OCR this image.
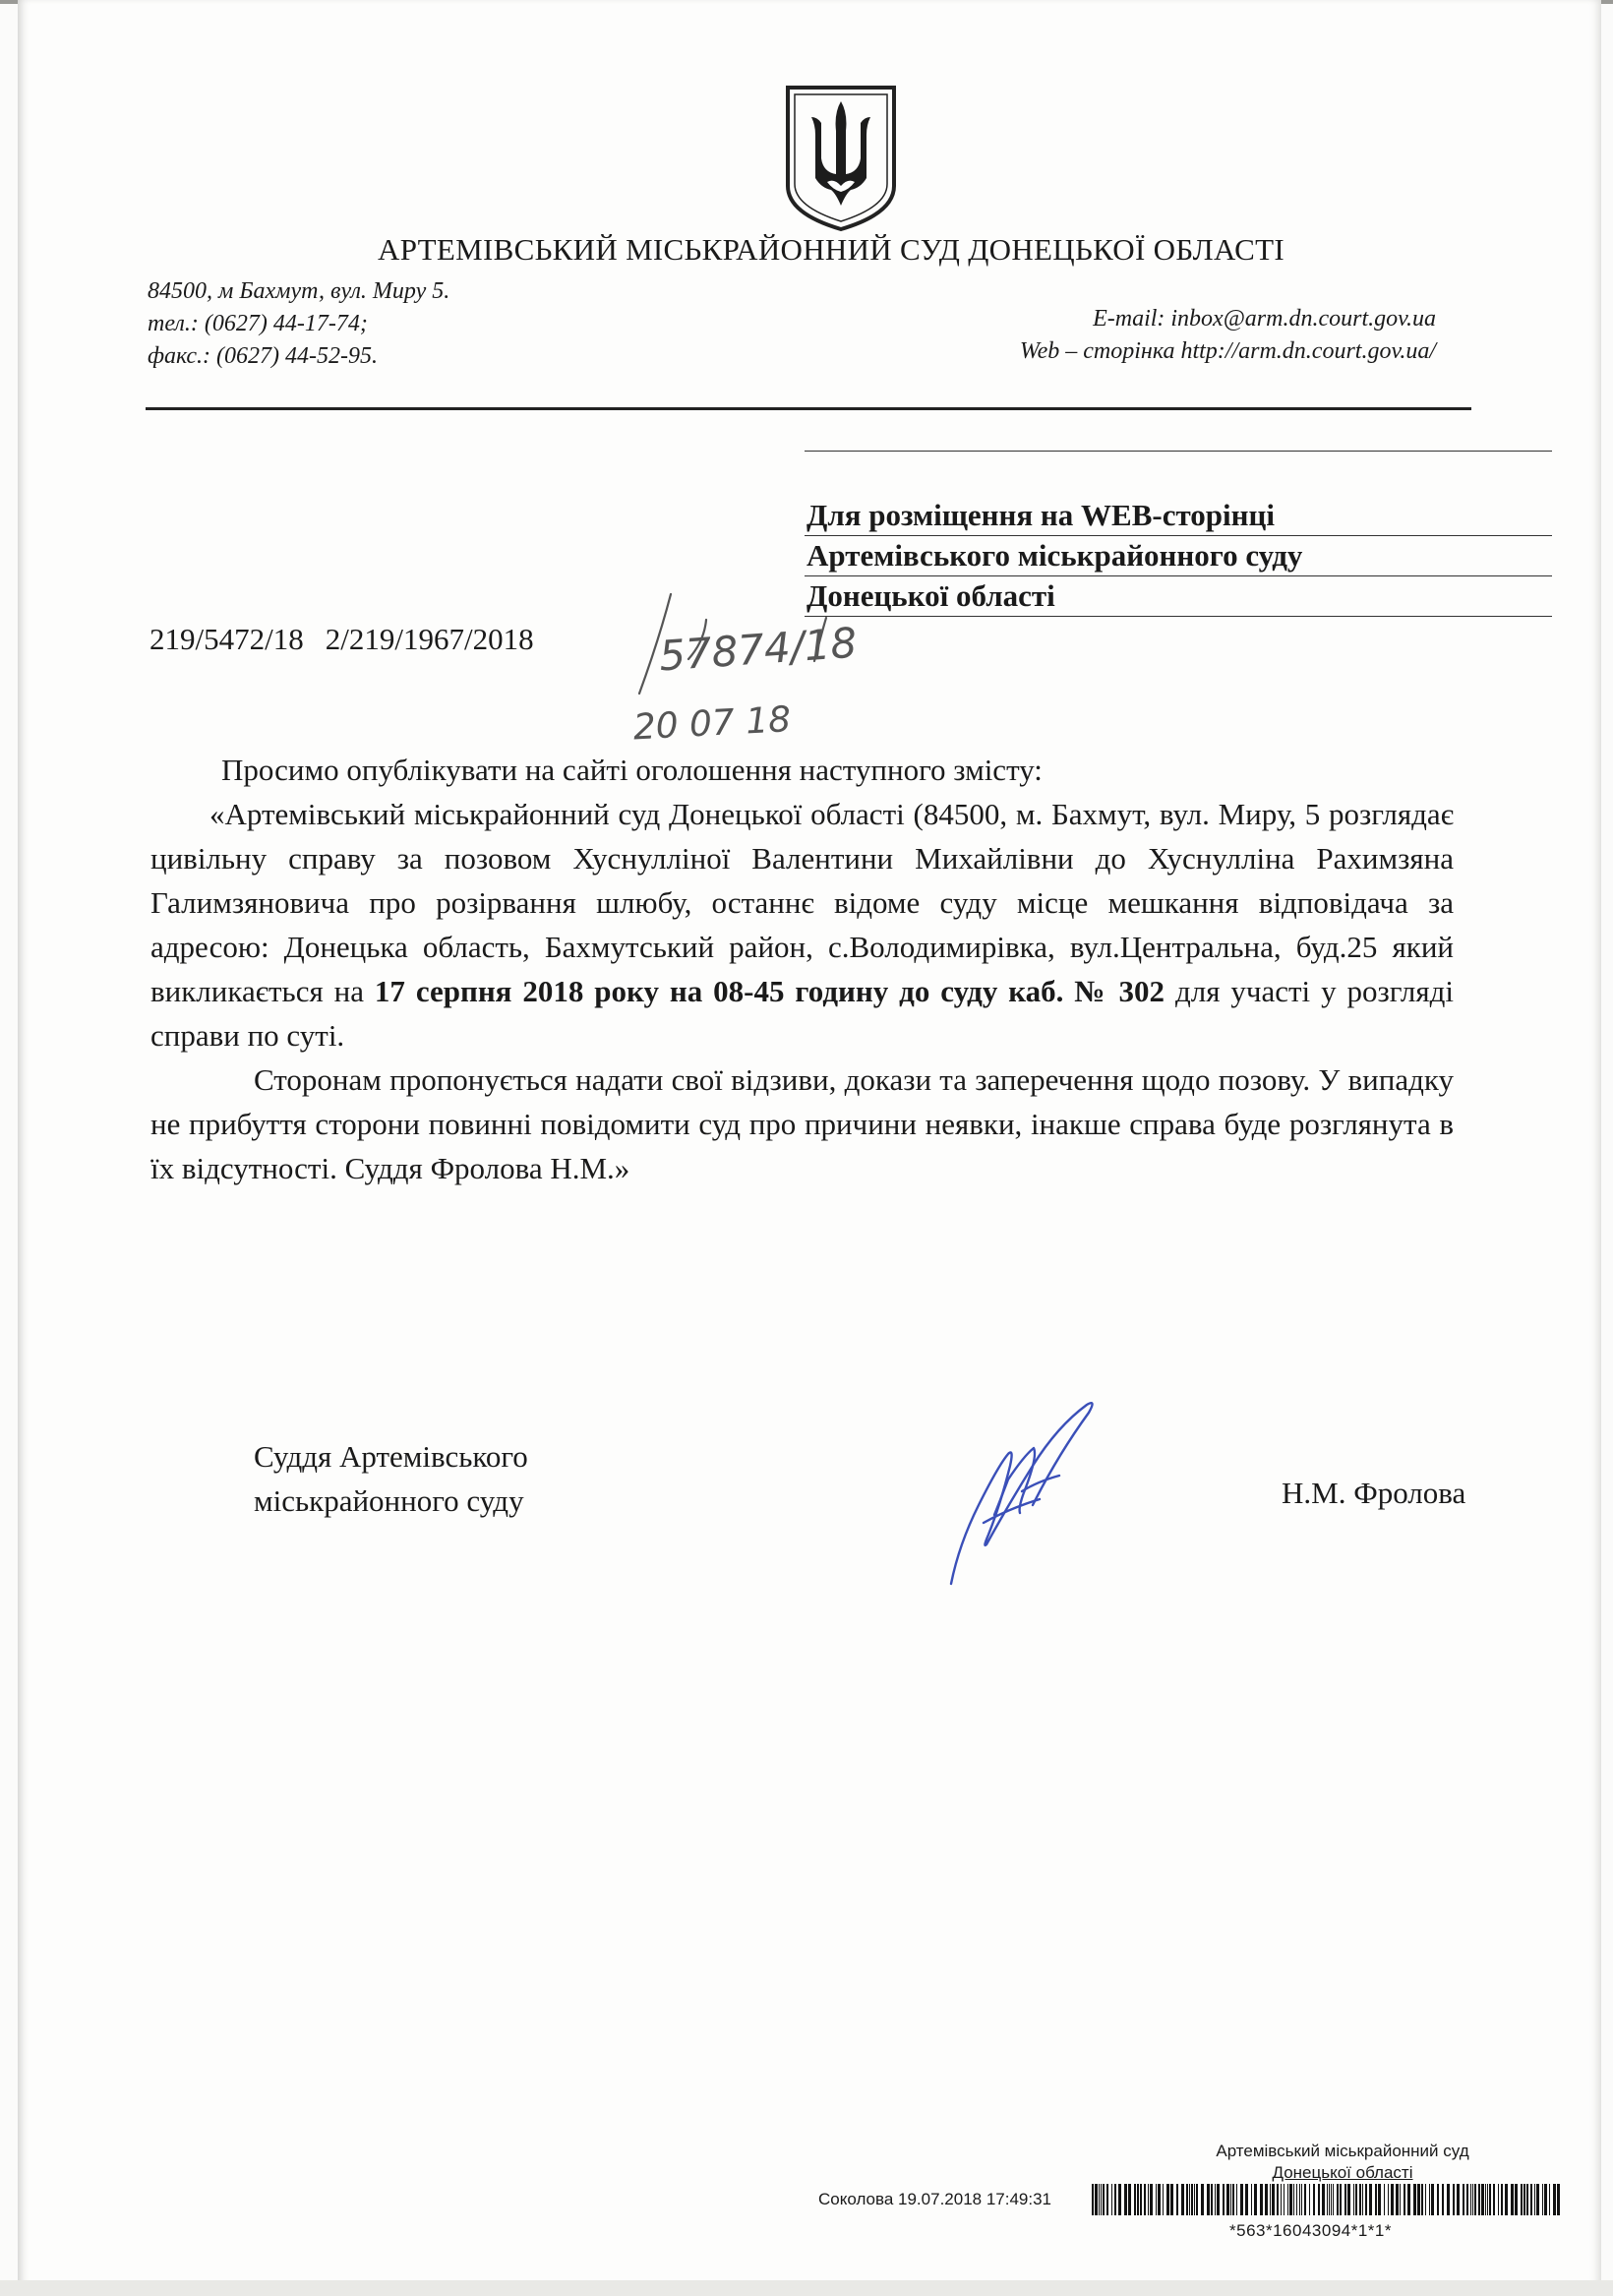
АРТЕМІВСЬКИЙ МІСЬКРАЙОННИЙ СУД ДОНЕЦЬКОЇ ОБЛАСТІ
84500, м Бахмут, вул. Миру 5.
тел.: (0627) 44-17-74;
факс.: (0627) 44-52-95.
E-mail: inbox@arm.dn.court.gov.ua
Web – сторінка http://arm.dn.court.gov.ua/
Для розміщення на WEB-сторінці
Артемівського міськрайонного суду
Донецької області
219/5472/18 2/219/1967/2018	57874/18
20 07 18

Просимо опублікувати на сайті оголошення наступного змісту:

«Артемівський міськрайонний суд Донецької області (84500, м. Бахмут, вул. Миру, 5 розглядає цивільну справу за позовом Хуснулліної Валентини Михайлівни до Хуснулліна Рахимзяна Галимзяновича про розірвання шлюбу, останнє відоме суду місце мешкання відповідача за адресою: Донецька область, Бахмутський район, с.Володимирівка, вул.Центральна, буд.25 який викликається на 17 серпня 2018 року на 08-45 годину до суду каб. № 302 для участі у розгляді справи по суті.

Сторонам пропонується надати свої відзиви, докази та заперечення щодо позову. У випадку не прибуття сторони повинні повідомити суд про причини неявки, інакше справа буде розглянута в їх відсутності. Суддя Фролова Н.М.»

Суддя Артемівського
міськрайонного суду	Н.М. Фролова
Артемівський міськрайонний суд
Донецької області
Соколова 19.07.2018 17:49:31
*563*16043094*1*1*
